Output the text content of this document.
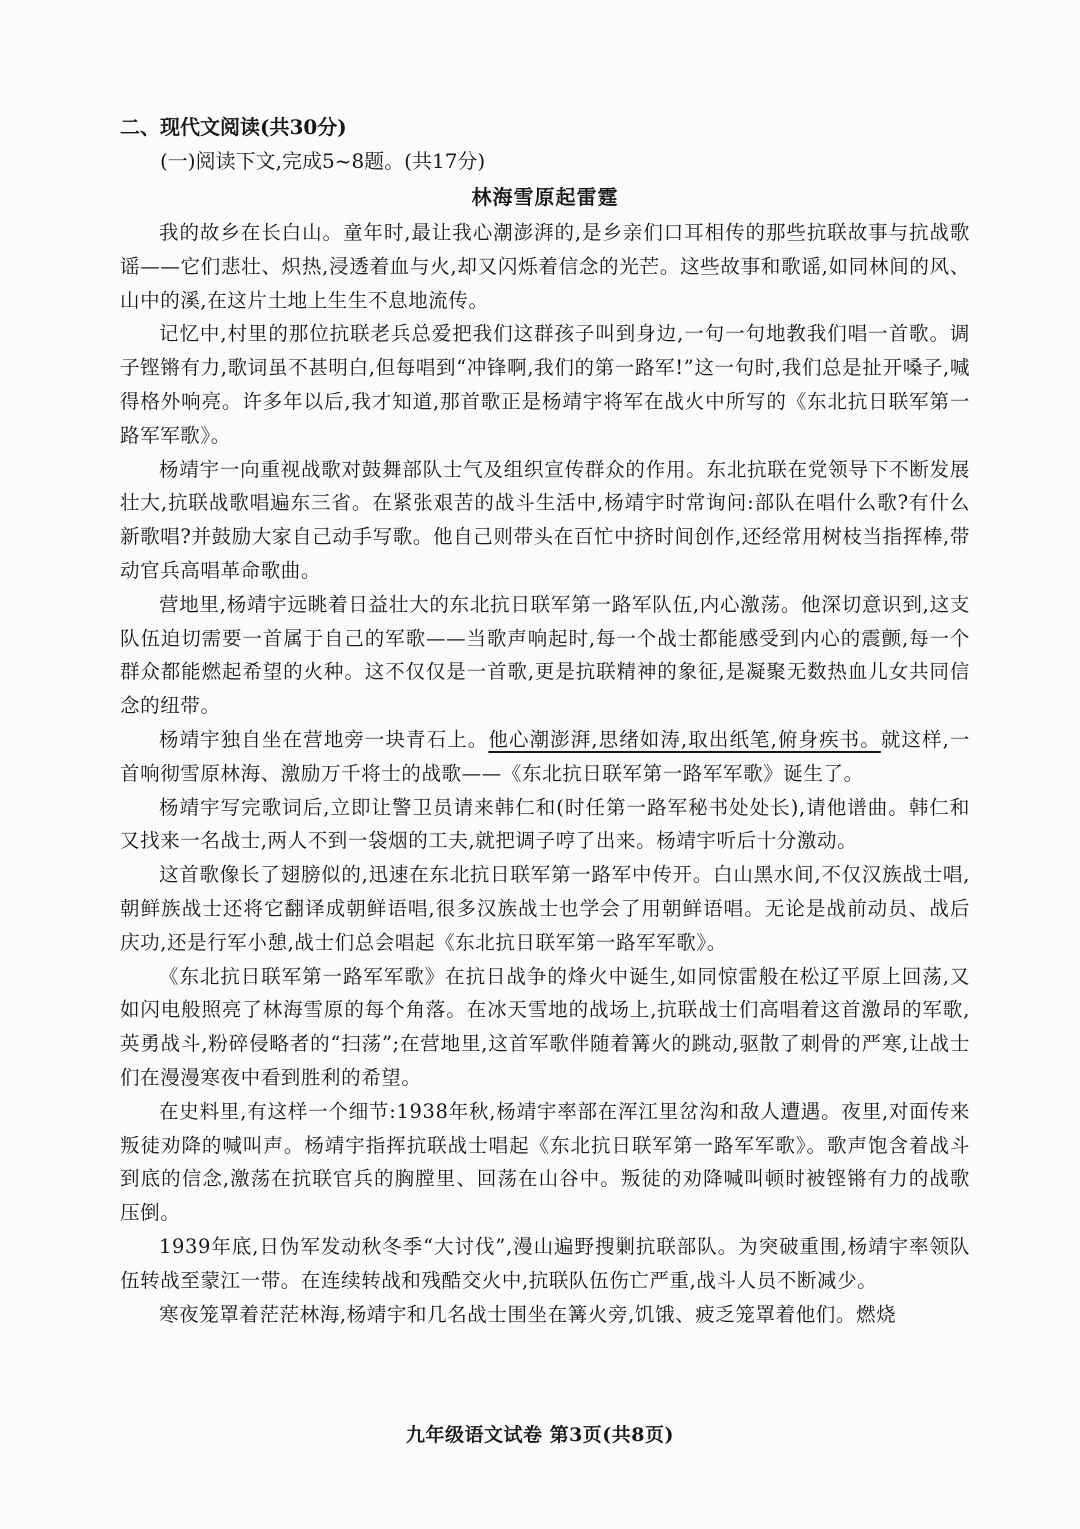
二、现代文阅读(共30分)
(一)阅读下文,完成5~8题。(共17分)
林海雪原起雷霆

我的故乡在长白山。童年时,最让我心潮澎湃的,是乡亲们口耳相传的那些抗联故事与抗战歌谣——它们悲壮、炽热,浸透着血与火,却又闪烁着信念的光芒。这些故事和歌谣,如同林间的风、山中的溪,在这片土地上生生不息地流传。

记忆中,村里的那位抗联老兵总爱把我们这群孩子叫到身边,一句一句地教我们唱一首歌。调子铿锵有力,歌词虽不甚明白,但每唱到“冲锋啊,我们的第一路军!”这一句时,我们总是扯开嗓子,喊得格外响亮。许多年以后,我才知道,那首歌正是杨靖宇将军在战火中所写的《东北抗日联军第一路军军歌》。

杨靖宇一向重视战歌对鼓舞部队士气及组织宣传群众的作用。东北抗联在党领导下不断发展壮大,抗联战歌唱遍东三省。在紧张艰苦的战斗生活中,杨靖宇时常询问:部队在唱什么歌?有什么新歌唱?并鼓励大家自己动手写歌。他自己则带头在百忙中挤时间创作,还经常用树枝当指挥棒,带动官兵高唱革命歌曲。

营地里,杨靖宇远眺着日益壮大的东北抗日联军第一路军队伍,内心激荡。他深切意识到,这支队伍迫切需要一首属于自己的军歌——当歌声响起时,每一个战士都能感受到内心的震颤,每一个群众都能燃起希望的火种。这不仅仅是一首歌,更是抗联精神的象征,是凝聚无数热血儿女共同信念的纽带。

杨靖宇独自坐在营地旁一块青石上。他心潮澎湃,思绪如涛,取出纸笔,俯身疾书。就这样,一首响彻雪原林海、激励万千将士的战歌——《东北抗日联军第一路军军歌》诞生了。

杨靖宇写完歌词后,立即让警卫员请来韩仁和(时任第一路军秘书处处长),请他谱曲。韩仁和又找来一名战士,两人不到一袋烟的工夫,就把调子哼了出来。杨靖宇听后十分激动。

这首歌像长了翅膀似的,迅速在东北抗日联军第一路军中传开。白山黑水间,不仅汉族战士唱,朝鲜族战士还将它翻译成朝鲜语唱,很多汉族战士也学会了用朝鲜语唱。无论是战前动员、战后庆功,还是行军小憩,战士们总会唱起《东北抗日联军第一路军军歌》。

《东北抗日联军第一路军军歌》在抗日战争的烽火中诞生,如同惊雷般在松辽平原上回荡,又如闪电般照亮了林海雪原的每个角落。在冰天雪地的战场上,抗联战士们高唱着这首激昂的军歌,英勇战斗,粉碎侵略者的“扫荡”;在营地里,这首军歌伴随着篝火的跳动,驱散了刺骨的严寒,让战士们在漫漫寒夜中看到胜利的希望。

在史料里,有这样一个细节:1938年秋,杨靖宇率部在浑江里岔沟和敌人遭遇。夜里,对面传来叛徒劝降的喊叫声。杨靖宇指挥抗联战士唱起《东北抗日联军第一路军军歌》。歌声饱含着战斗到底的信念,激荡在抗联官兵的胸膛里、回荡在山谷中。叛徒的劝降喊叫顿时被铿锵有力的战歌压倒。

1939年底,日伪军发动秋冬季“大讨伐”,漫山遍野搜剿抗联部队。为突破重围,杨靖宇率领队伍转战至蒙江一带。在连续转战和残酷交火中,抗联队伍伤亡严重,战斗人员不断减少。

寒夜笼罩着茫茫林海,杨靖宇和几名战士围坐在篝火旁,饥饿、疲乏笼罩着他们。燃烧

九年级语文试卷 第3页(共8页)
